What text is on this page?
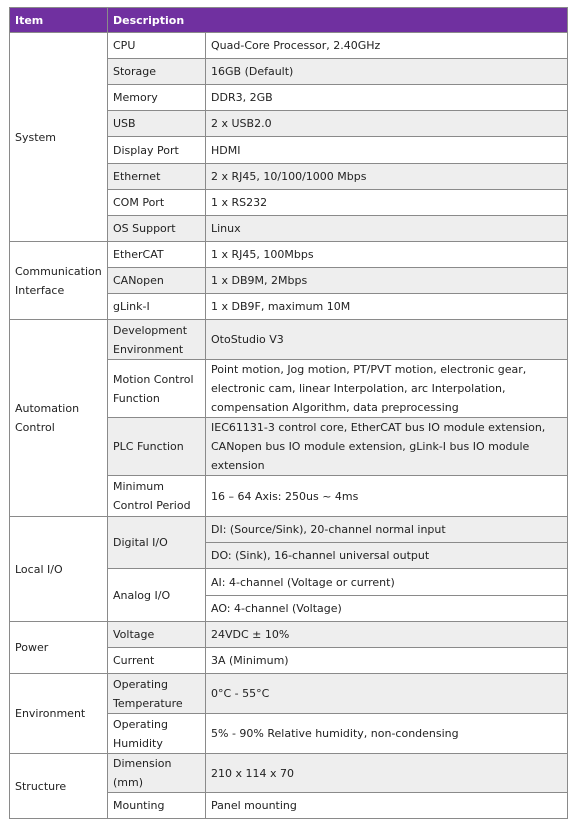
Item	Description	
System	CPU	Quad-Core Processor, 2.40GHz
	Storage	16GB (Default)
	Memory	DDR3, 2GB
	USB	2 x USB2.0
	Display Port	HDMI
	Ethernet	2 x RJ45, 10/100/1000 Mbps
	COM Port	1 x RS232
	OS Support	Linux
Communication Interface	EtherCAT	1 x RJ45, 100Mbps
	CANopen	1 x DB9M, 2Mbps
	gLink-I	1 x DB9F, maximum 10M
Automation Control	Development Environment	OtoStudio V3
	Motion Control Function	Point motion, Jog motion, PT/PVT motion, electronic gear, electronic cam, linear Interpolation, arc Interpolation, compensation Algorithm, data preprocessing
	PLC Function	IEC61131-3 control core, EtherCAT bus IO module extension, CANopen bus IO module extension, gLink-I bus IO module extension
	Minimum Control Period	16 – 64 Axis: 250us ~ 4ms
Local I/O	Digital I/O	DI: (Source/Sink), 20-channel normal input
		DO: (Sink), 16-channel universal output
	Analog I/O	AI: 4-channel (Voltage or current)
		AO: 4-channel (Voltage)
Power	Voltage	24VDC ± 10%
	Current	3A (Minimum)
Environment	Operating Temperature	0°C - 55°C
	Operating Humidity	5% - 90% Relative humidity, non-condensing
Structure	Dimension (mm)	210 x 114 x 70
	Mounting	Panel mounting
